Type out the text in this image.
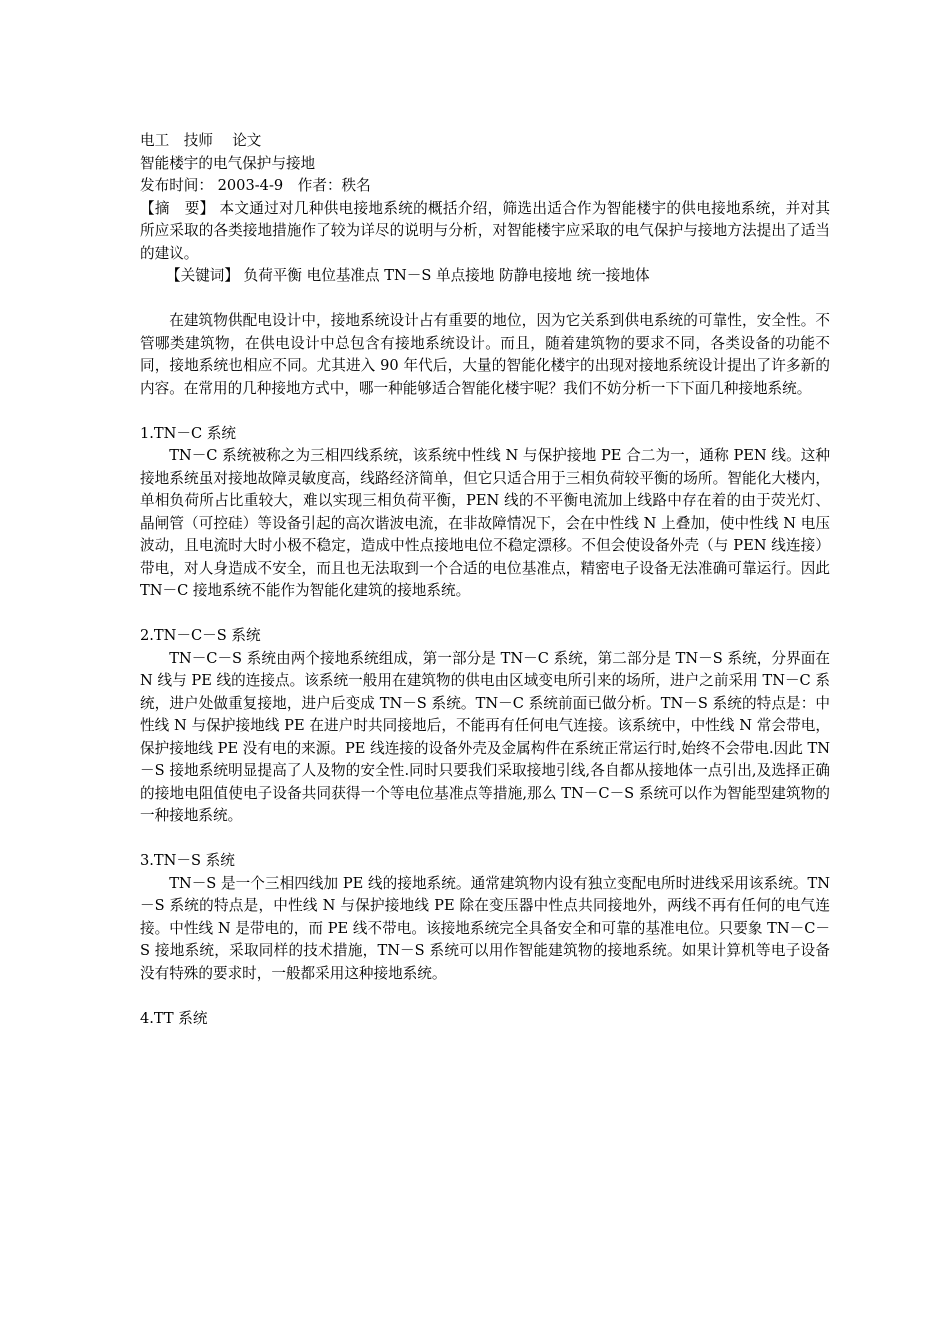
电工　技师　 论文
智能楼宇的电气保护与接地
发布时间： 2003-4-9　作者：秩名
【摘　要】 本文通过对几种供电接地系统的概括介绍，筛选出适合作为智能楼宇的供电接地系统，并对其所应采取的各类接地措施作了较为详尽的说明与分析，对智能楼宇应采取的电气保护与接地方法提出了适当的建议。
【关键词】 负荷平衡 电位基准点 TN－S 单点接地 防静电接地 统一接地体
在建筑物供配电设计中，接地系统设计占有重要的地位，因为它关系到供电系统的可靠性，安全性。不管哪类建筑物，在供电设计中总包含有接地系统设计。而且，随着建筑物的要求不同，各类设备的功能不同，接地系统也相应不同。尤其进入 90 年代后，大量的智能化楼宇的出现对接地系统设计提出了许多新的内容。在常用的几种接地方式中，哪一种能够适合智能化楼宇呢？我们不妨分析一下下面几种接地系统。
1.TN－C 系统
TN－C 系统被称之为三相四线系统，该系统中性线 N 与保护接地 PE 合二为一，通称 PEN 线。这种接地系统虽对接地故障灵敏度高，线路经济简单，但它只适合用于三相负荷较平衡的场所。智能化大楼内，单相负荷所占比重较大，难以实现三相负荷平衡，PEN 线的不平衡电流加上线路中存在着的由于荧光灯、晶闸管（可控硅）等设备引起的高次谐波电流，在非故障情况下，会在中性线 N 上叠加，使中性线 N 电压波动，且电流时大时小极不稳定，造成中性点接地电位不稳定漂移。不但会使设备外壳（与 PEN 线连接）带电，对人身造成不安全，而且也无法取到一个合适的电位基准点，精密电子设备无法准确可靠运行。因此 TN－C 接地系统不能作为智能化建筑的接地系统。
2.TN－C－S 系统
TN－C－S 系统由两个接地系统组成，第一部分是 TN－C 系统，第二部分是 TN－S 系统，分界面在 N 线与 PE 线的连接点。该系统一般用在建筑物的供电由区域变电所引来的场所，进户之前采用 TN－C 系统，进户处做重复接地，进户后变成 TN－S 系统。TN－C 系统前面已做分析。TN－S 系统的特点是：中性线 N 与保护接地线 PE 在进户时共同接地后，不能再有任何电气连接。该系统中，中性线 N 常会带电，保护接地线 PE 没有电的来源。PE 线连接的设备外壳及金属构件在系统正常运行时,始终不会带电.因此 TN－S 接地系统明显提高了人及物的安全性.同时只要我们采取接地引线,各自都从接地体一点引出,及选择正确的接地电阻值使电子设备共同获得一个等电位基准点等措施,那么 TN－C－S 系统可以作为智能型建筑物的一种接地系统。
3.TN－S 系统
TN－S 是一个三相四线加 PE 线的接地系统。通常建筑物内设有独立变配电所时进线采用该系统。TN－S 系统的特点是，中性线 N 与保护接地线 PE 除在变压器中性点共同接地外，两线不再有任何的电气连接。中性线 N 是带电的，而 PE 线不带电。该接地系统完全具备安全和可靠的基准电位。只要象 TN－C－S 接地系统，采取同样的技术措施，TN－S 系统可以用作智能建筑物的接地系统。如果计算机等电子设备没有特殊的要求时，一般都采用这种接地系统。
4.TT 系统
